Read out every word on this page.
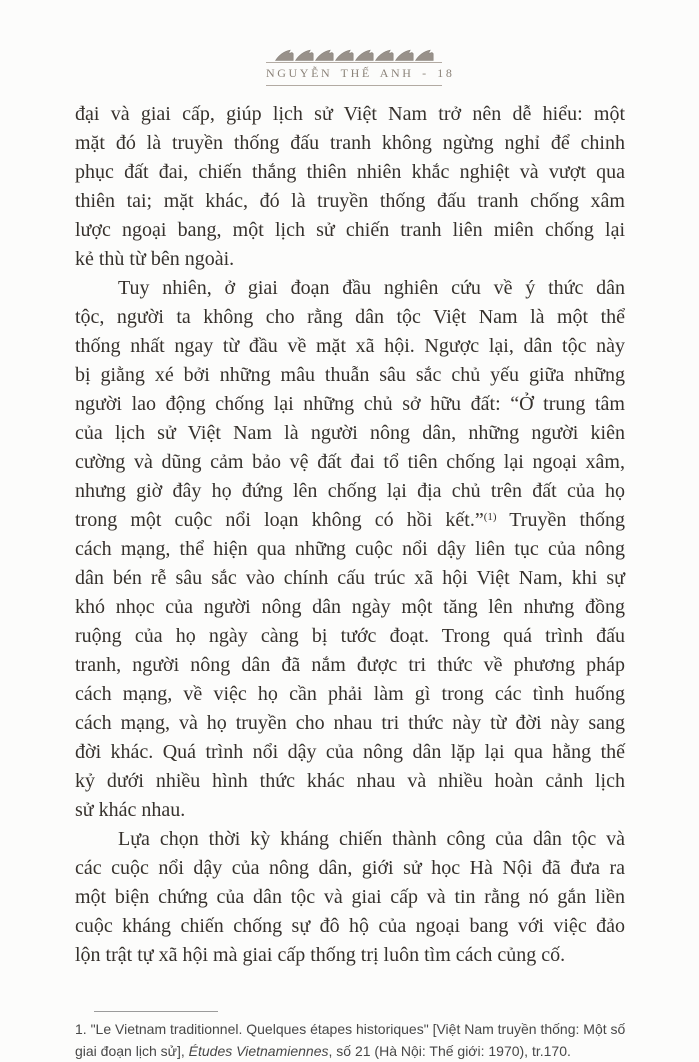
NGUYỄN THẾ ANH - 18
đại và giai cấp, giúp lịch sử Việt Nam trở nên dễ hiểu: một
mặt đó là truyền thống đấu tranh không ngừng nghỉ để chinh
phục đất đai, chiến thắng thiên nhiên khắc nghiệt và vượt qua
thiên tai; mặt khác, đó là truyền thống đấu tranh chống xâm
lược ngoại bang, một lịch sử chiến tranh liên miên chống lại
kẻ thù từ bên ngoài.
Tuy nhiên, ở giai đoạn đầu nghiên cứu về ý thức dân
tộc, người ta không cho rằng dân tộc Việt Nam là một thể
thống nhất ngay từ đầu về mặt xã hội. Ngược lại, dân tộc này
bị giằng xé bởi những mâu thuẫn sâu sắc chủ yếu giữa những
người lao động chống lại những chủ sở hữu đất: “Ở trung tâm
của lịch sử Việt Nam là người nông dân, những người kiên
cường và dũng cảm bảo vệ đất đai tổ tiên chống lại ngoại xâm,
nhưng giờ đây họ đứng lên chống lại địa chủ trên đất của họ
trong một cuộc nổi loạn không có hồi kết.”$^{(1)}$ Truyền thống
cách mạng, thể hiện qua những cuộc nổi dậy liên tục của nông
dân bén rễ sâu sắc vào chính cấu trúc xã hội Việt Nam, khi sự
khó nhọc của người nông dân ngày một tăng lên nhưng đồng
ruộng của họ ngày càng bị tước đoạt. Trong quá trình đấu
tranh, người nông dân đã nắm được tri thức về phương pháp
cách mạng, về việc họ cần phải làm gì trong các tình huống
cách mạng, và họ truyền cho nhau tri thức này từ đời này sang
đời khác. Quá trình nổi dậy của nông dân lặp lại qua hằng thế
kỷ dưới nhiều hình thức khác nhau và nhiều hoàn cảnh lịch
sử khác nhau.
Lựa chọn thời kỳ kháng chiến thành công của dân tộc và
các cuộc nổi dậy của nông dân, giới sử học Hà Nội đã đưa ra
một biện chứng của dân tộc và giai cấp và tin rằng nó gắn liền
cuộc kháng chiến chống sự đô hộ của ngoại bang với việc đảo
lộn trật tự xã hội mà giai cấp thống trị luôn tìm cách củng cố.
1. "Le Vietnam traditionnel. Quelques étapes historiques" [Việt Nam truyền thống: Một số
giai đoạn lịch sử], Études Vietnamiennes, số 21 (Hà Nội: Thế giới: 1970), tr.170.
